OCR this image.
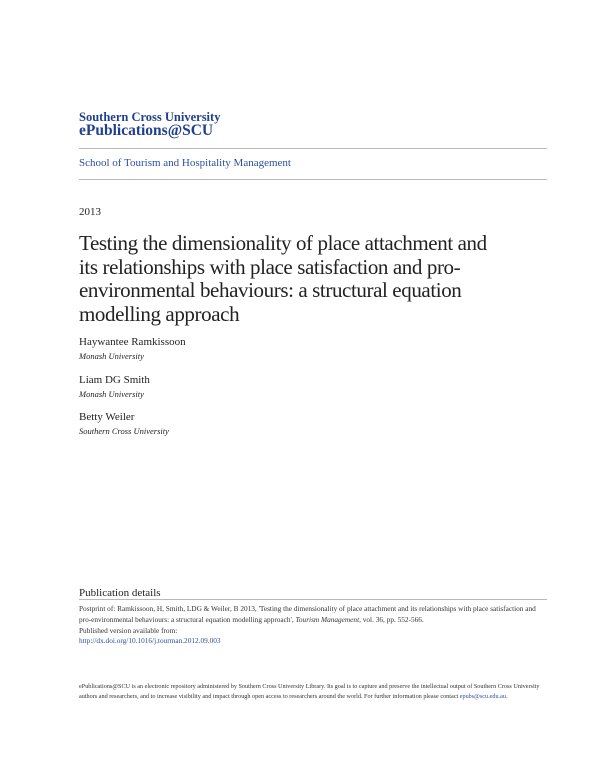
Southern Cross University
ePublications@SCU
School of Tourism and Hospitality Management
2013
Testing the dimensionality of place attachment and
its relationships with place satisfaction and pro-
environmental behaviours: a structural equation
modelling approach
Haywantee Ramkissoon
Monash University
Liam DG Smith
Monash University
Betty Weiler
Southern Cross University
Publication details
Postprint of: Ramkissoon, H, Smith, LDG & Weiler, B 2013, 'Testing the dimensionality of place attachment and its relationships with place satisfaction and pro-environmental behaviours: a structural equation modelling approach', Tourism Management, vol. 36, pp. 552-566.
Published version available from:
http://dx.doi.org/10.1016/j.tourman.2012.09.003
ePublications@SCU is an electronic repository administered by Southern Cross University Library. Its goal is to capture and preserve the intellectual output of Southern Cross University authors and researchers, and to increase visibility and impact through open access to researchers around the world. For further information please contact epubs@scu.edu.au.
